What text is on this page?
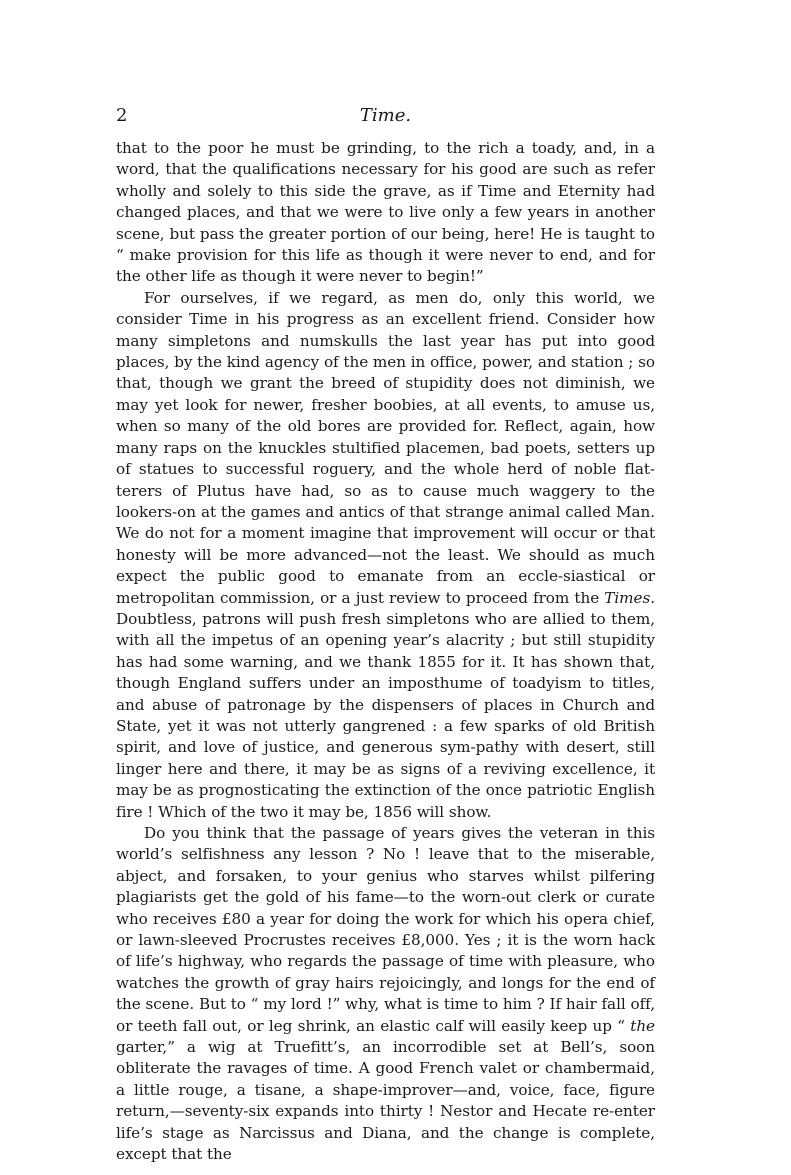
2	Time.

that to the poor he must be grinding, to the rich a toady, and, in a word, that the qualifications necessary for his good are such as refer wholly and solely to this side the grave, as if Time and Eternity had changed places, and that we were to live only a few years in another scene, but pass the greater portion of our being, here! He is taught to “ make provision for this life as though it were never to end, and for the other life as though it were never to begin!”

For ourselves, if we regard, as men do, only this world, we consider Time in his progress as an excellent friend. Consider how many simpletons and numskulls the last year has put into good places, by the kind agency of the men in office, power, and station ; so that, though we grant the breed of stupidity does not diminish, we may yet look for newer, fresher boobies, at all events, to amuse us, when so many of the old bores are provided for. Reflect, again, how many raps on the knuckles stultified placemen, bad poets, setters up of statues to successful roguery, and the whole herd of noble flat-terers of Plutus have had, so as to cause much waggery to the lookers-on at the games and antics of that strange animal called Man. We do not for a moment imagine that improvement will occur or that honesty will be more advanced—not the least. We should as much expect the public good to emanate from an eccle-siastical or metropolitan commission, or a just review to proceed from the Times. Doubtless, patrons will push fresh simpletons who are allied to them, with all the impetus of an opening year’s alacrity ; but still stupidity has had some warning, and we thank 1855 for it. It has shown that, though England suffers under an imposthume of toadyism to titles, and abuse of patronage by the dispensers of places in Church and State, yet it was not utterly gangrened : a few sparks of old British spirit, and love of justice, and generous sym-pathy with desert, still linger here and there, it may be as signs of a reviving excellence, it may be as prognosticating the extinction of the once patriotic English fire ! Which of the two it may be, 1856 will show.

Do you think that the passage of years gives the veteran in this world’s selfishness any lesson ? No ! leave that to the miserable, abject, and forsaken, to your genius who starves whilst pilfering plagiarists get the gold of his fame—to the worn-out clerk or curate who receives £80 a year for doing the work for which his opera chief, or lawn-sleeved Procrustes receives £8,000. Yes ; it is the worn hack of life’s highway, who regards the passage of time with pleasure, who watches the growth of gray hairs rejoicingly, and longs for the end of the scene. But to “ my lord !” why, what is time to him ? If hair fall off, or teeth fall out, or leg shrink, an elastic calf will easily keep up “ the garter,” a wig at Truefitt’s, an incorrodible set at Bell’s, soon obliterate the ravages of time. A good French valet or chambermaid, a little rouge, a tisane, a shape-improver—and, voice, face, figure return,—seventy-six expands into thirty ! Nestor and Hecate re-enter life’s stage as Narcissus and Diana, and the change is complete, except that the
